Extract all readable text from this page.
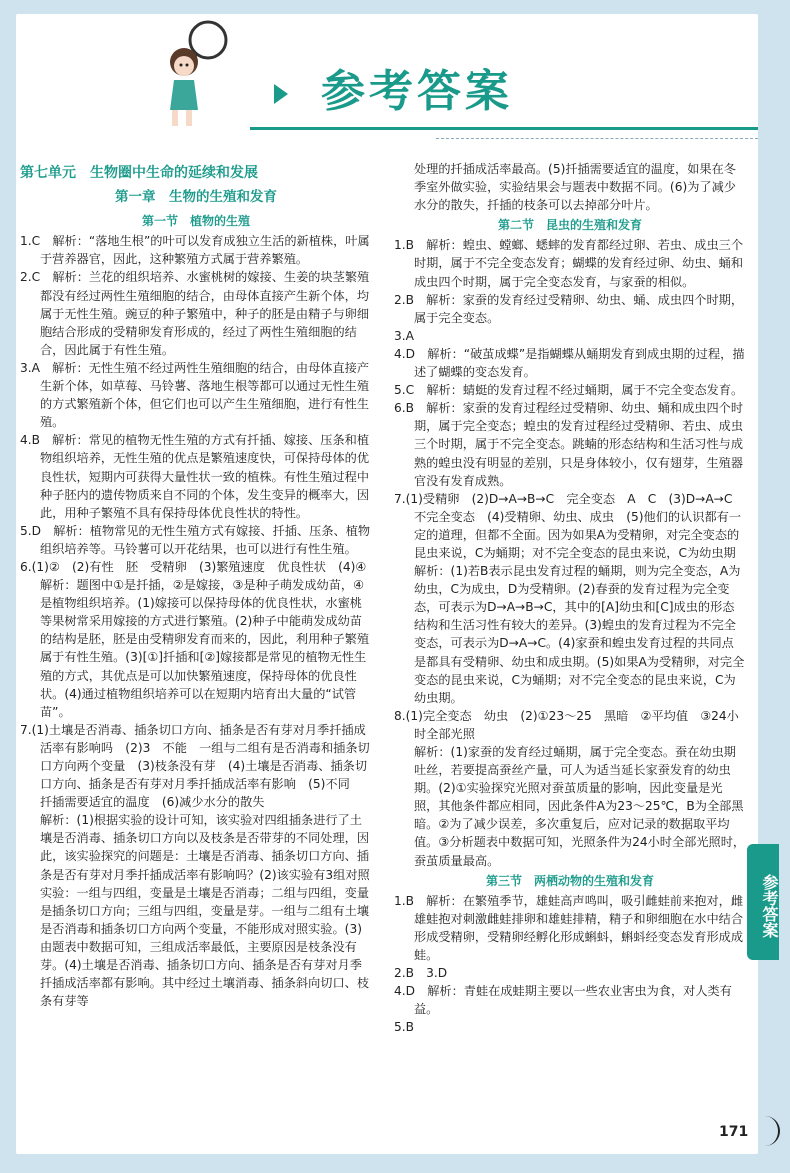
参考答案
第七单元　生物圈中生命的延续和发展
第一章　生物的生殖和发育
第一节　植物的生殖

1.C　解析：“落地生根”的叶可以发育成独立生活的新植株，叶属于营养器官，因此，这种繁殖方式属于营养繁殖。

2.C　解析：兰花的组织培养、水蜜桃树的嫁接、生姜的块茎繁殖都没有经过两性生殖细胞的结合，由母体直接产生新个体，均属于无性生殖。豌豆的种子繁殖中，种子的胚是由精子与卵细胞结合形成的受精卵发育形成的，经过了两性生殖细胞的结合，因此属于有性生殖。

3.A　解析：无性生殖不经过两性生殖细胞的结合，由母体直接产生新个体，如草莓、马铃薯、落地生根等都可以通过无性生殖的方式繁殖新个体，但它们也可以产生生殖细胞，进行有性生殖。

4.B　解析：常见的植物无性生殖的方式有扦插、嫁接、压条和植物组织培养，无性生殖的优点是繁殖速度快，可保持母体的优良性状，短期内可获得大量性状一致的植株。有性生殖过程中种子胚内的遗传物质来自不同的个体，发生变异的概率大，因此，用种子繁殖不具有保持母体优良性状的特性。

5.D　解析：植物常见的无性生殖方式有嫁接、扦插、压条、植物组织培养等。马铃薯可以开花结果，也可以进行有性生殖。

6.(1)②　(2)有性　胚　受精卵　(3)繁殖速度　优良性状　(4)④

解析：题图中①是扦插，②是嫁接，③是种子萌发成幼苗，④是植物组织培养。(1)嫁接可以保持母体的优良性状，水蜜桃等果树常采用嫁接的方式进行繁殖。(2)种子中能萌发成幼苗的结构是胚，胚是由受精卵发育而来的，因此，利用种子繁殖属于有性生殖。(3)[①]扦插和[②]嫁接都是常见的植物无性生殖的方式，其优点是可以加快繁殖速度，保持母体的优良性状。(4)通过植物组织培养可以在短期内培育出大量的“试管苗”。

7.(1)土壤是否消毒、插条切口方向、插条是否有芽对月季扦插成活率有影响吗　(2)3　不能　一组与二组有是否消毒和插条切口方向两个变量　(3)枝条没有芽　(4)土壤是否消毒、插条切口方向、插条是否有芽对月季扦插成活率有影响　(5)不同　扦插需要适宜的温度　(6)减少水分的散失

解析：(1)根据实验的设计可知，该实验对四组插条进行了土壤是否消毒、插条切口方向以及枝条是否带芽的不同处理，因此，该实验探究的问题是：土壤是否消毒、插条切口方向、插条是否有芽对月季扦插成活率有影响吗？(2)该实验有3组对照实验：一组与四组，变量是土壤是否消毒；二组与四组，变量是插条切口方向；三组与四组，变量是芽。一组与二组有土壤是否消毒和插条切口方向两个变量，不能形成对照实验。(3)由题表中数据可知，三组成活率最低，主要原因是枝条没有芽。(4)土壤是否消毒、插条切口方向、插条是否有芽对月季扦插成活率都有影响。其中经过土壤消毒、插条斜向切口、枝条有芽等

处理的扦插成活率最高。(5)扦插需要适宜的温度，如果在冬季室外做实验，实验结果会与题表中数据不同。(6)为了减少水分的散失，扦插的枝条可以去掉部分叶片。

第二节　昆虫的生殖和发育

1.B　解析：蝗虫、螳螂、蟋蟀的发育都经过卵、若虫、成虫三个时期，属于不完全变态发育；蝴蝶的发育经过卵、幼虫、蛹和成虫四个时期，属于完全变态发育，与家蚕的相似。

2.B　解析：家蚕的发育经过受精卵、幼虫、蛹、成虫四个时期，属于完全变态。

3.A

4.D　解析：“破茧成蝶”是指蝴蝶从蛹期发育到成虫期的过程，描述了蝴蝶的变态发育。

5.C　解析：蜻蜓的发育过程不经过蛹期，属于不完全变态发育。

6.B　解析：家蚕的发育过程经过受精卵、幼虫、蛹和成虫四个时期，属于完全变态；蝗虫的发育过程经过受精卵、若虫、成虫三个时期，属于不完全变态。跳蝻的形态结构和生活习性与成熟的蝗虫没有明显的差别，只是身体较小，仅有翅芽，生殖器官没有发育成熟。

7.(1)受精卵　(2)D→A→B→C　完全变态　A　C　(3)D→A→C　不完全变态　(4)受精卵、幼虫、成虫　(5)他们的认识都有一定的道理，但都不全面。因为如果A为受精卵，对完全变态的昆虫来说，C为蛹期；对不完全变态的昆虫来说，C为幼虫期

解析：(1)若B表示昆虫发育过程的蛹期，则为完全变态，A为幼虫，C为成虫，D为受精卵。(2)春蚕的发育过程为完全变态，可表示为D→A→B→C，其中的[A]幼虫和[C]成虫的形态结构和生活习性有较大的差异。(3)蝗虫的发育过程为不完全变态，可表示为D→A→C。(4)家蚕和蝗虫发育过程的共同点是都具有受精卵、幼虫和成虫期。(5)如果A为受精卵，对完全变态的昆虫来说，C为蛹期；对不完全变态的昆虫来说，C为幼虫期。

8.(1)完全变态　幼虫　(2)①23～25　黑暗　②平均值　③24小时全部光照

解析：(1)家蚕的发育经过蛹期，属于完全变态。蚕在幼虫期吐丝，若要提高蚕丝产量，可人为适当延长家蚕发育的幼虫期。(2)①实验探究光照对蚕茧质量的影响，因此变量是光照，其他条件都应相同，因此条件A为23～25℃，B为全部黑暗。②为了减少误差，多次重复后，应对记录的数据取平均值。③分析题表中数据可知，光照条件为24小时全部光照时，蚕茧质量最高。

第三节　两栖动物的生殖和发育

1.B　解析：在繁殖季节，雄蛙高声鸣叫，吸引雌蛙前来抱对，雌雄蛙抱对刺激雌蛙排卵和雄蛙排精，精子和卵细胞在水中结合形成受精卵，受精卵经孵化形成蝌蚪，蝌蚪经变态发育形成成蛙。

2.B　3.D

4.D　解析：青蛙在成蛙期主要以一些农业害虫为食，对人类有益。

5.B

参考答案
171
